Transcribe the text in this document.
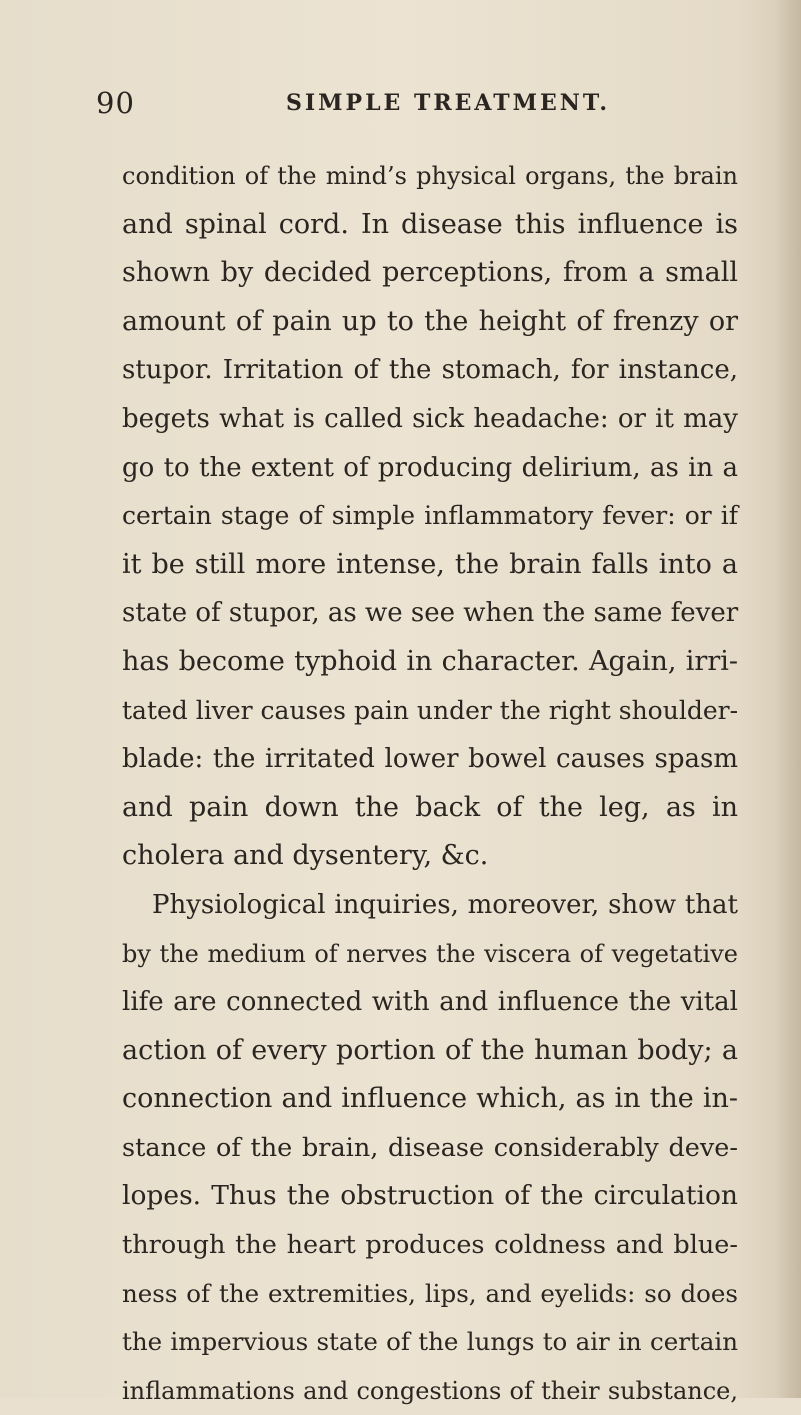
90	SIMPLE TREATMENT.
condition of the mind’s physical organs, the brain
and spinal cord. In disease this influence is
shown by decided perceptions, from a small
amount of pain up to the height of frenzy or
stupor. Irritation of the stomach, for instance,
begets what is called sick headache: or it may
go to the extent of producing delirium, as in a
certain stage of simple inflammatory fever: or if
it be still more intense, the brain falls into a
state of stupor, as we see when the same fever
has become typhoid in character. Again, irri-
tated liver causes pain under the right shoulder-
blade: the irritated lower bowel causes spasm
and pain down the back of the leg, as in
cholera and dysentery, &c.
Physiological inquiries, moreover, show that
by the medium of nerves the viscera of vegetative
life are connected with and influence the vital
action of every portion of the human body; a
connection and influence which, as in the in-
stance of the brain, disease considerably deve-
lopes. Thus the obstruction of the circulation
through the heart produces coldness and blue-
ness of the extremities, lips, and eyelids: so does
the impervious state of the lungs to air in certain
inflammations and congestions of their substance,
